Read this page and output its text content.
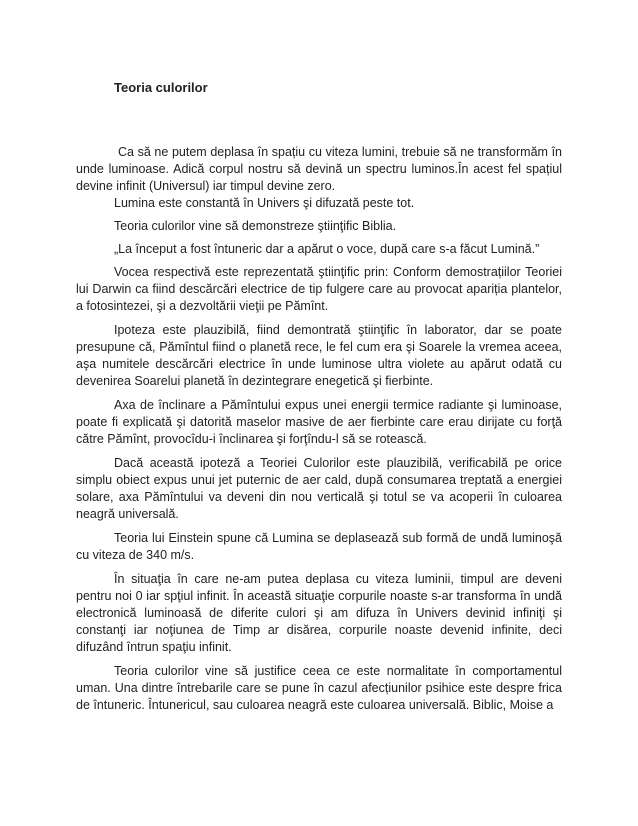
Teoria culorilor

Ca să ne putem deplasa în spațiu cu viteza lumini, trebuie să ne transformăm în unde luminoase. Adică corpul nostru să devină un spectru luminos.În acest fel spațiul devine infinit (Universul) iar timpul devine zero.

Lumina este constantă în Univers şi difuzată peste tot.

Teoria culorilor vine să demonstreze ştiinţific Biblia.

„La început a fost întuneric dar a apărut o voce, după care s-a făcut Lumină.”

Vocea respectivă este reprezentată ştiinţific prin: Conform demostrațiilor Teoriei lui Darwin ca fiind descărcări electrice de tip fulgere care au provocat apariția plantelor, a fotosintezei, şi a dezvoltării vieţii pe Pămînt.

Ipoteza este plauzibilă, fiind demontrată ştiinţific în laborator, dar se poate presupune că, Pămîntul fiind o planetă rece, le fel cum era şi Soarele la vremea aceea, aşa numitele descărcări electrice în unde luminose ultra violete au apărut odată cu devenirea Soarelui planetă în dezintegrare enegetică şi fierbinte.

Axa de înclinare a Pămîntului expus unei energii termice radiante şi luminoase, poate fi explicată şi datorită maselor masive de aer fierbinte care erau dirijate cu forţă către Pămînt, provocîdu-i înclinarea şi forţîndu-l să se rotească.

Dacă această ipoteză a Teoriei Culorilor este plauzibilă, verificabilă pe orice simplu obiect expus unui jet puternic de aer cald, după consumarea treptată a energiei solare, axa Pămîntului va deveni din nou verticală şi totul se va acoperii în culoarea neagră universală.

Teoria lui Einstein spune că Lumina se deplasează sub formă de undă luminoşă cu viteza de 340 m/s.

În situaţia în care ne-am putea deplasa cu viteza luminii, timpul are deveni pentru noi 0 iar spţiul infinit. În această situaţie corpurile noaste s-ar transforma în undă electronică luminoasă de diferite culori şi am difuza în Univers devinid infiniţi şi constanţi iar noţiunea de Timp ar disărea, corpurile noaste devenid infinite, deci difuzând întrun spaţiu infinit.

Teoria culorilor vine să justifice ceea ce este normalitate în comportamentul uman. Una dintre întrebarile care se pune în cazul afecțiunilor psihice este despre frica de întuneric. Întunericul, sau culoarea neagră este culoarea universală. Biblic, Moise a
